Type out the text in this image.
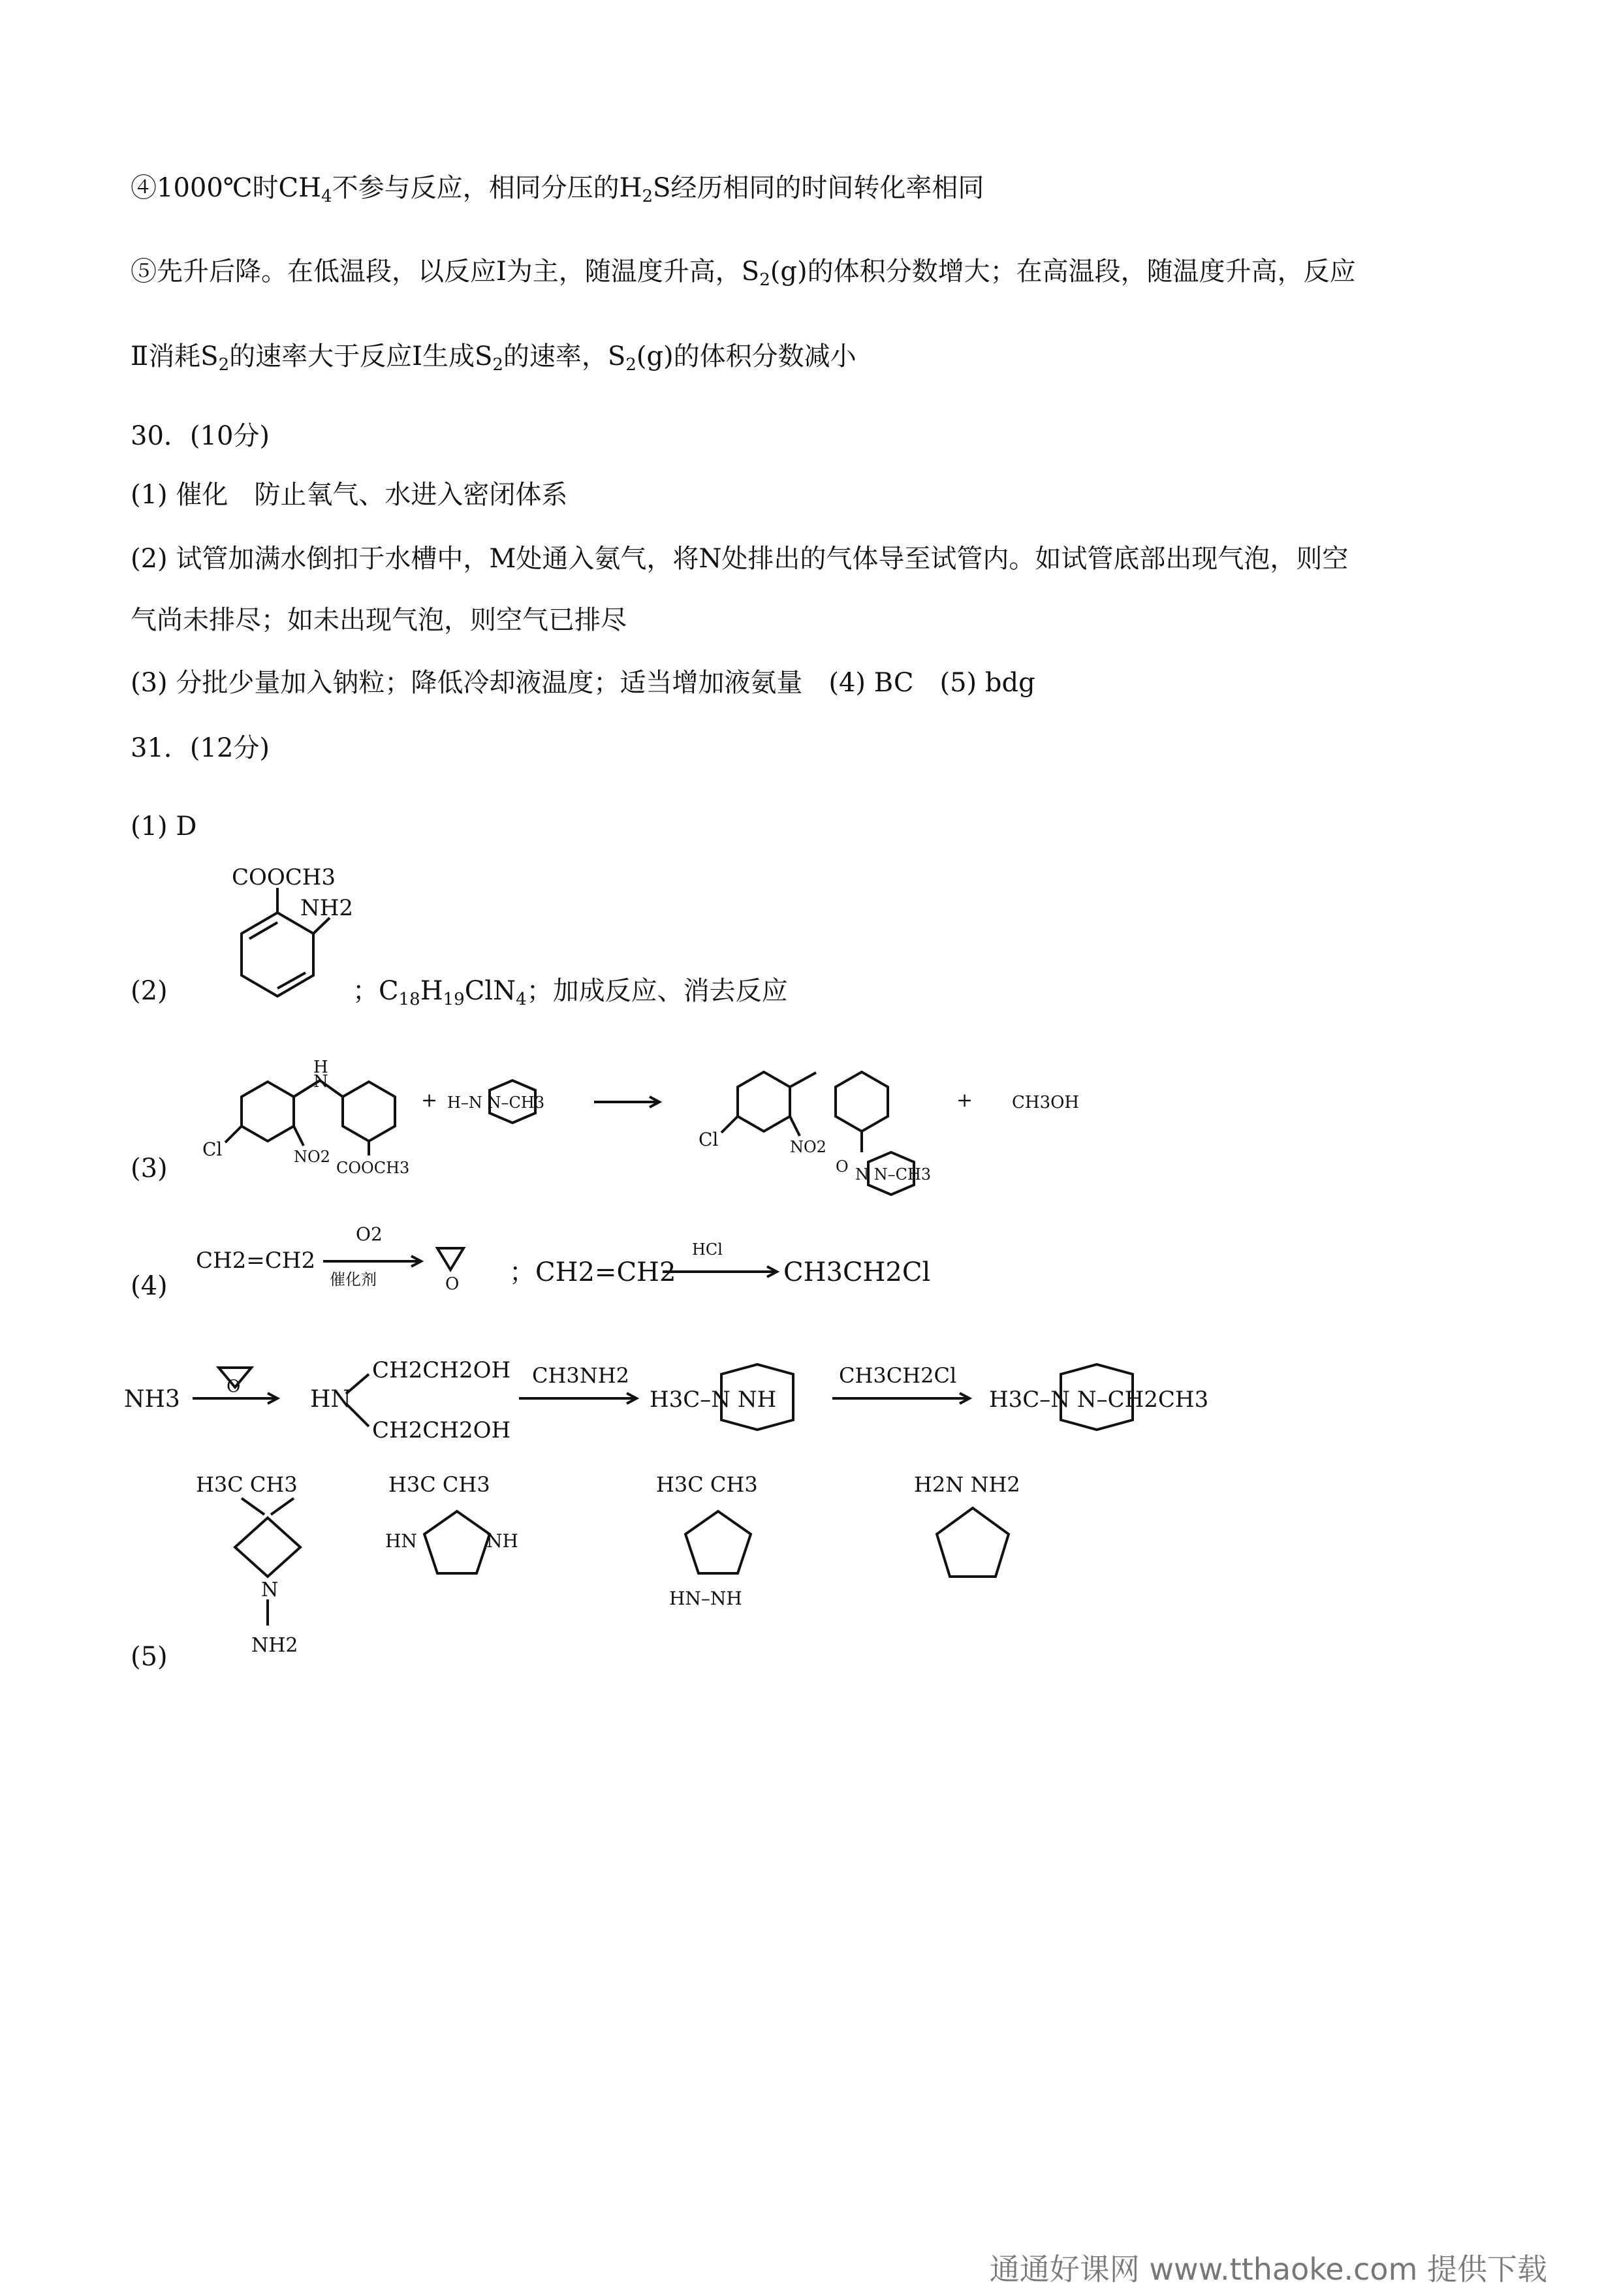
④1000℃时$CH_4$不参与反应，相同分压的$H_2S$经历相同的时间转化率相同
⑤先升后降。在低温段，以反应Ⅰ为主，随温度升高，$S_2(g)$的体积分数增大；在高温段，随温度升高，反应
Ⅱ消耗$S_2$的速率大于反应Ⅰ生成$S_2$的速率，$S_2(g)$的体积分数减小
30．(10分)
(1) 催化　防止氧气、水进入密闭体系
(2) 试管加满水倒扣于水槽中，M处通入氨气，将N处排出的气体导至试管内。如试管底部出现气泡，则空
气尚未排尽；如未出现气泡，则空气已排尽
(3) 分批少量加入钠粒；降低冷却液温度；适当增加液氨量　(4) BC　(5) bdg
31．(12分)
(1) D
(2)
COOCH3
NH2
；$C_{18}H_{19}ClN_4$；加成反应、消去反应
(3)
H
N
Cl	NO2
COOCH3
+ H–N N–CH3
Cl	NO2
O N N–CH3
+ CH3OH
(4)
CH2=CH2
O2
催化剂	O ；CH2=CH2
HCl
CH3CH2Cl
NH3	O	HN
CH2CH2OH
CH2CH2OH
CH3NH2
H3C–N NH
CH3CH2Cl
H3C–N N–CH2CH3
(5)
H3C CH3
N
NH2
H3C CH3
HN	NH
H3C CH3
HN–NH
H2N NH2
通通好课网 www.tthaoke.com 提供下载
